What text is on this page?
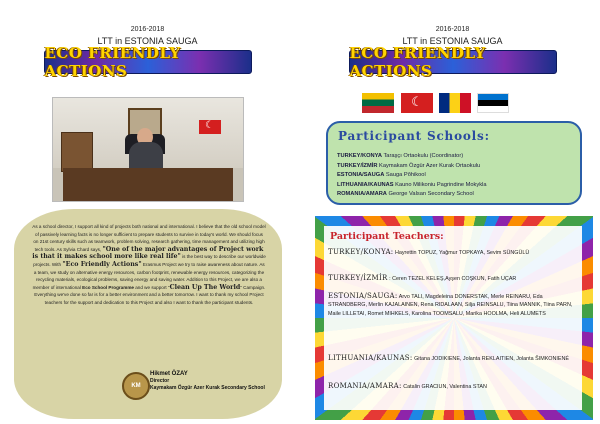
2016-2018
LTT in ESTONIA SAUGA
ECO FRIENDLY ACTIONS
☾
As a school director, I support all kind of projects both national and international. I believe that the old school model of passively learning facts is no longer sufficient to prepare students to survive in today's world. We should focus on 21st century skills such as teamwork, problem solving, research gathering, time management and utilizing high tech tools. As Sylvia Chard says, "One of the major advantages of Project work is that it makes school more like real life" is the best way to describe our worldwide projects. With "Eco Friendly Actions" Erasmus Project we try to raise awareness about nature. As a team, we study on alternative energy resources, carbon footprint, renewable energy resources, categorizing the recycling materials, ecological problems, saving energy and saving water. Addition to this Project, we are also a member of international Eco School Programme and we support "Clean Up The World" Campaign. Everything we've done so far is for a better environment and a better tomorrow. I want to thank my school Project teachers for the support and dedication to this Project and also I want to thank the participant students.
KM
Hikmet ÖZAY
Director
Kaymakam Özgür Azer Kurak Secondary School
2016-2018
LTT in ESTONIA SAUGA
ECO FRIENDLY ACTIONS
☾
Participant Schools:
TURKEY/KONYA Taraşçı Ortaokulu (Coordinator)
TURKEY/İZMİR Kaymakam Özgür Azer Kurak Ortaokulu
ESTONIA/SAUGA Sauga Põhikool
LITHUANIA/KAUNAS Kauno Milikoniu Pagrindine Mokykla
ROMANIA/AMARA George Valsan Secondary School
Participant Teachers:
TURKEY/KONYA: Hayrettin TOPUZ, Yağmur TOPKAYA, Sevim SÜNGÜLÜ
TURKEY/İZMİR : Ceren TEZEL KELEŞ,Ayşen COŞKUN, Fatih UÇAR
ESTONIA/SAUGA: Arvo TALI, Magdeleina DONERSTAK, Merle REINARU, Eda STRANDBERG, Merlin KAJALAINEN, Rena RIDALAAN, Silja REINSALU, Tiina MANNIK, Tiina PARN, Maile LILLETAI, Romet MIHKELS, Karolina TOOMSALU, Marika HOOLMA, Heli ALUMETS
LITHUANIA/KAUNAS: Gitana JODIKIENE, Jolanta REKLAITIEN, Jolanta ŠIMKONIENĖ
ROMANIA/AMARA: Catalin GRACIUN, Valentina STAN
